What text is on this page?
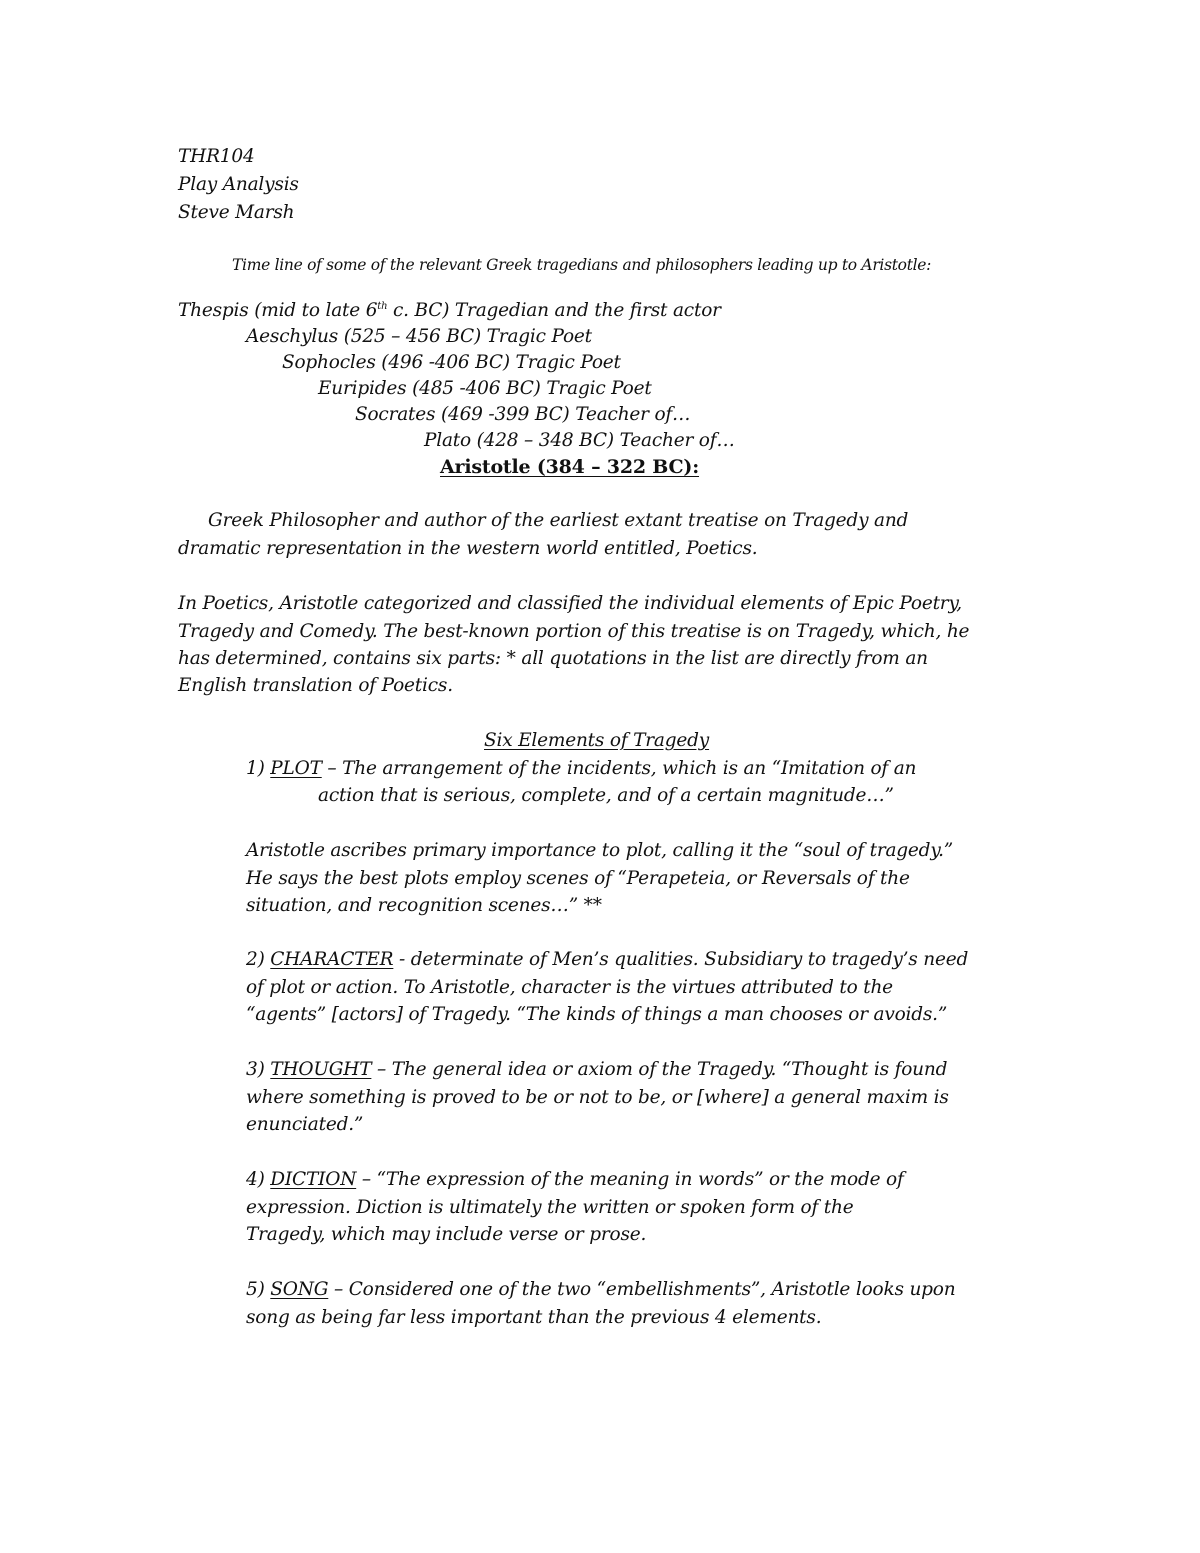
THR104
Play Analysis
Steve Marsh
Time line of some of the relevant Greek tragedians and philosophers leading up to Aristotle:
Thespis (mid to late 6th c. BC) Tragedian and the first actor
Aeschylus (525 – 456 BC) Tragic Poet
Sophocles (496 -406 BC) Tragic Poet
Euripides (485 -406 BC) Tragic Poet
Socrates (469 -399 BC) Teacher of…
Plato (428 – 348 BC) Teacher of…
Aristotle (384 – 322 BC):
Greek Philosopher and author of the earliest extant treatise on Tragedy and
dramatic representation in the western world entitled, Poetics.
In Poetics, Aristotle categorized and classified the individual elements of Epic Poetry,
Tragedy and Comedy. The best-known portion of this treatise is on Tragedy, which, he
has determined, contains six parts: * all quotations in the list are directly from an
English translation of Poetics.
Six Elements of Tragedy
1) PLOT – The arrangement of the incidents, which is an “Imitation of an
action that is serious, complete, and of a certain magnitude…”
Aristotle ascribes primary importance to plot, calling it the “soul of tragedy.”
He says the best plots employ scenes of “Perapeteia, or Reversals of the
situation, and recognition scenes…” **
2) CHARACTER - determinate of Men’s qualities. Subsidiary to tragedy’s need
of plot or action. To Aristotle, character is the virtues attributed to the
“agents” [actors] of Tragedy. “The kinds of things a man chooses or avoids.”
3) THOUGHT – The general idea or axiom of the Tragedy. “Thought is found
where something is proved to be or not to be, or [where] a general maxim is
enunciated.”
4) DICTION – “The expression of the meaning in words” or the mode of
expression. Diction is ultimately the written or spoken form of the
Tragedy, which may include verse or prose.
5) SONG – Considered one of the two “embellishments”, Aristotle looks upon
song as being far less important than the previous 4 elements.
